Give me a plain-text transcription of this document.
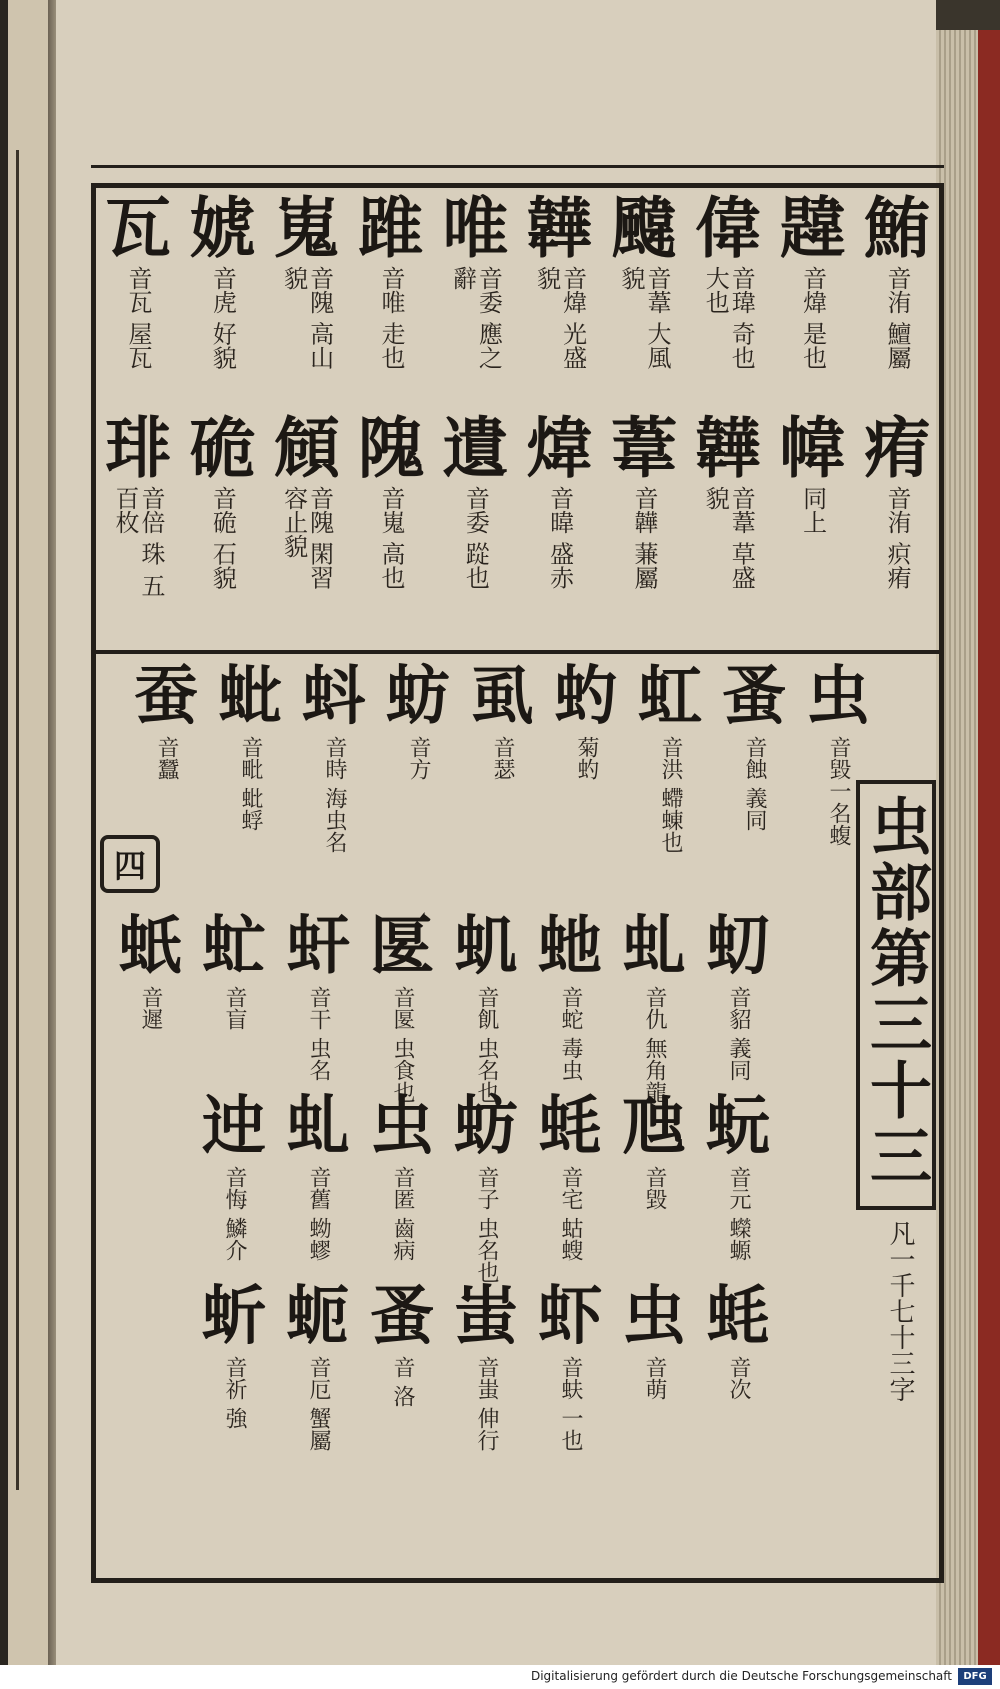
鮪
音洧 鱣屬
韙
音煒 是也
偉
音瑋 奇也大也
颹
音葦 大風貌
韡
音煒 光盛貌
唯
音委 應之辭
踓
音唯 走也
嵬
音隗 高山貌
婋
音虎 好貌
瓦
音瓦 屋瓦
痏
音洧 疻痏
幃
同上
韡
音葦 草盛貌
葦
音韡 蒹屬
煒
音暐 盛赤
遺
音委 踨也
隗
音嵬 高也
頠
音隗 閑習 容止貌
硊
音硊 石貌
琲
音倍 珠 五百枚
虫
音毀一名蝮
蚤
音蝕 義同
虹
音洪 螮蝀也
虳
菊虳
虱
音瑟
蚄
音方
蚪
音時 海虫名
蚍
音毗 蚍蜉
蚕
音蠶
虭
音貂 義同
虬
音仇 無角龍
虵
音蛇 毒虫
虮
音飢 虫名也
匽
音匽 虫食也
虷
音干 虫名
虻
音盲
蚔
音遲
蚖
音元 蠑螈
虺
音毀
蚝
音宅 蛄螋
蚄
音子 虫名也
虫
音匿 齒病
虬
音舊 蚴蟉
迚
音悔 鱗介
蚝
音次
虫
音萌
虾
音蚨 一也
蚩
音蚩 伸行
蚤
音 洛
蚅
音厄 蟹屬
蚚
音祈 強
四	虫部第三十三
凡一千七十三字
Digitalisierung gefördert durch die Deutsche Forschungsgemeinschaft	DFG
